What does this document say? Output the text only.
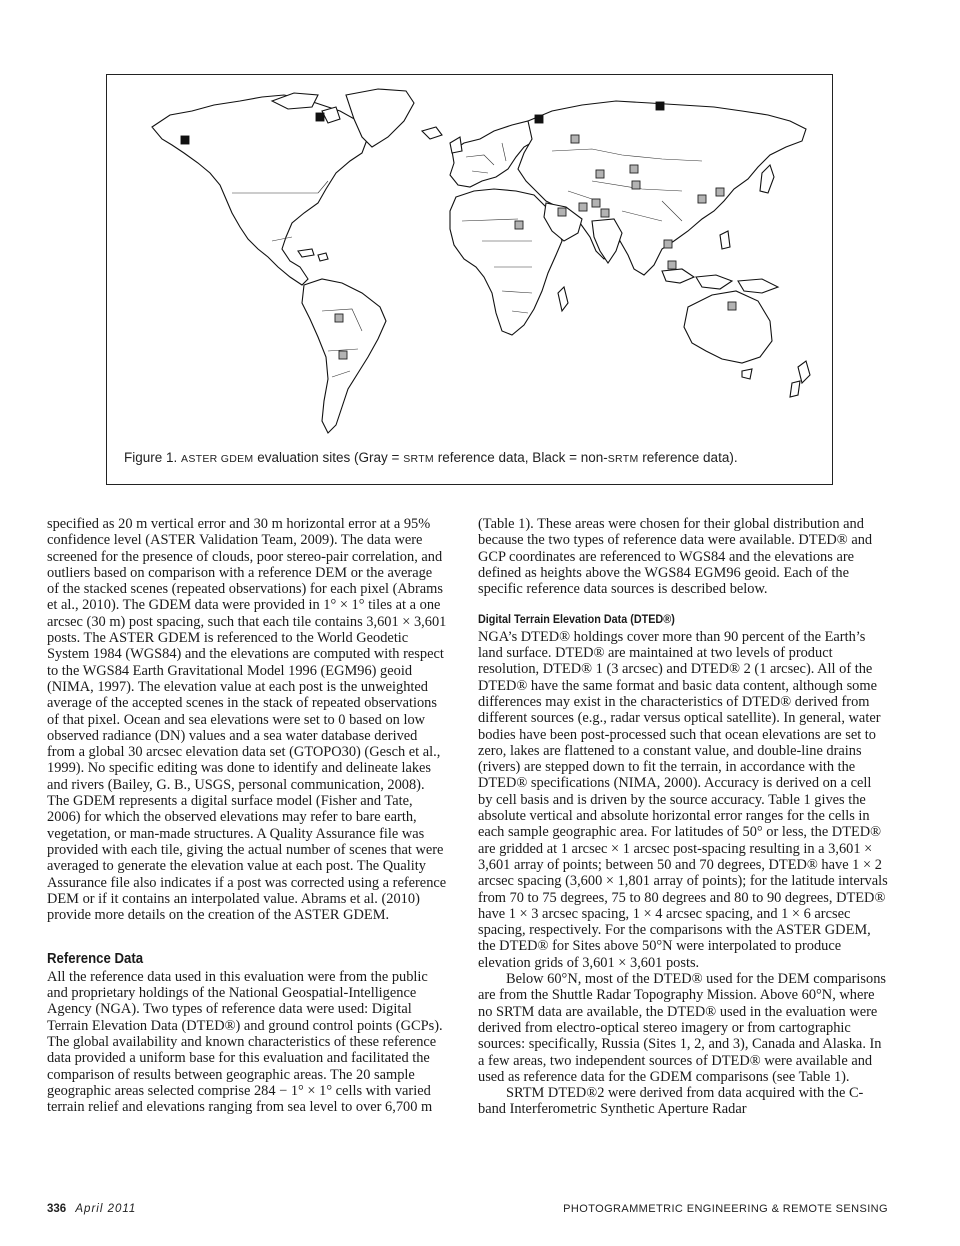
Figure 1. ASTER GDEM evaluation sites (Gray = SRTM reference data, Black = non-SRTM reference data).

specified as 20 m vertical error and 30 m horizontal error at a 95% confidence level (ASTER Validation Team, 2009). The data were screened for the presence of clouds, poor stereo-pair correlation, and outliers based on comparison with a reference DEM or the average of the stacked scenes (repeated observations) for each pixel (Abrams et al., 2010). The GDEM data were provided in 1° × 1° tiles at a one arcsec (30 m) post spacing, such that each tile contains 3,601 × 3,601 posts. The ASTER GDEM is referenced to the World Geodetic System 1984 (WGS84) and the elevations are computed with respect to the WGS84 Earth Gravitational Model 1996 (EGM96) geoid (NIMA, 1997). The elevation value at each post is the unweighted average of the accepted scenes in the stack of repeated observations of that pixel. Ocean and sea elevations were set to 0 based on low observed radiance (DN) values and a sea water database derived from a global 30 arcsec elevation data set (GTOPO30) (Gesch et al., 1999). No specific editing was done to identify and delineate lakes and rivers (Bailey, G. B., USGS, personal communication, 2008). The GDEM represents a digital surface model (Fisher and Tate, 2006) for which the observed elevations may refer to bare earth, vegetation, or man-made structures. A Quality Assurance file was provided with each tile, giving the actual number of scenes that were averaged to generate the elevation value at each post. The Quality Assurance file also indicates if a post was corrected using a reference DEM or if it contains an interpolated value. Abrams et al. (2010) provide more details on the creation of the ASTER GDEM.

Reference Data

All the reference data used in this evaluation were from the public and proprietary holdings of the National Geospatial-Intelligence Agency (NGA). Two types of reference data were used: Digital Terrain Elevation Data (DTED®) and ground control points (GCPs). The global availability and known characteristics of these reference data provided a uniform base for this evaluation and facilitated the comparison of results between geographic areas. The 20 sample geographic areas selected comprise 284 − 1° × 1° cells with varied terrain relief and elevations ranging from sea level to over 6,700 m

(Table 1). These areas were chosen for their global distribution and because the two types of reference data were available. DTED® and GCP coordinates are referenced to WGS84 and the elevations are defined as heights above the WGS84 EGM96 geoid. Each of the specific reference data sources is described below.

Digital Terrain Elevation Data (DTED®)

NGA’s DTED® holdings cover more than 90 percent of the Earth’s land surface. DTED® are maintained at two levels of product resolution, DTED® 1 (3 arcsec) and DTED® 2 (1 arcsec). All of the DTED® have the same format and basic data content, although some differences may exist in the characteristics of DTED® derived from different sources (e.g., radar versus optical satellite). In general, water bodies have been post-processed such that ocean elevations are set to zero, lakes are flattened to a constant value, and double-line drains (rivers) are stepped down to fit the terrain, in accordance with the DTED® specifications (NIMA, 2000). Accuracy is derived on a cell by cell basis and is driven by the source accuracy. Table 1 gives the absolute vertical and absolute horizontal error ranges for the cells in each sample geographic area. For latitudes of 50° or less, the DTED® are gridded at 1 arcsec × 1 arcsec post-spacing resulting in a 3,601 × 3,601 array of points; between 50 and 70 degrees, DTED® have 1 × 2 arcsec spacing (3,600 × 1,801 array of points); for the latitude intervals from 70 to 75 degrees, 75 to 80 degrees and 80 to 90 degrees, DTED® have 1 × 3 arcsec spacing, 1 × 4 arcsec spacing, and 1 × 6 arcsec spacing, respectively. For the comparisons with the ASTER GDEM, the DTED® for Sites above 50°N were interpolated to produce elevation grids of 3,601 × 3,601 posts.

Below 60°N, most of the DTED® used for the DEM comparisons are from the Shuttle Radar Topography Mission. Above 60°N, where no SRTM data are available, the DTED® used in the evaluation were derived from electro-optical stereo imagery or from cartographic sources: specifically, Russia (Sites 1, 2, and 3), Canada and Alaska. In a few areas, two independent sources of DTED® were available and used as reference data for the GDEM comparisons (see Table 1).

SRTM DTED®2 were derived from data acquired with the C-band Interferometric Synthetic Aperture Radar

336 April 2011	PHOTOGRAMMETRIC ENGINEERING & REMOTE SENSING
